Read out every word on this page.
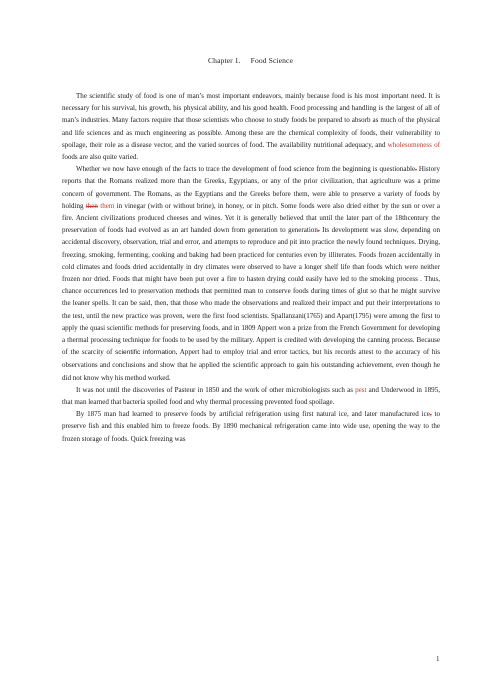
Chapter 1. Food Science

The scientific study of food is one of man’s most important endeavors, mainly because food is his most important need. It is necessary for his survival, his growth, his physical ability, and his good health. Food processing and handling is the largest of all of man’s industries. Many factors require that those scientists who choose to study foods be prepared to absorb as much of the physical and life sciences and as much engineering as possible. Among these are the chemical complexity of foods, their vulnerability to spoilage, their role as a disease vector, and the varied sources of food. The availability nutritional adequacy, and wholesomeness of foods are also quite varied.

Whether we now have enough of the facts to trace the development of food science from the beginning is questionable. History reports that the Romans realized more than the Greeks, Egyptians, or any of the prior civilization, that agriculture was a prime concern of government. The Romans, as the Egyptians and the Greeks before them, were able to preserve a variety of foods by holding then them in vinegar (with or without brine), in honey, or in pitch. Some foods were also dried either by the sun or over a fire. Ancient civilizations produced cheeses and wines. Yet it is generally believed that until the later part of the 18thcentury the preservation of foods had evolved as an art handed down from generation to generation. Its development was slow, depending on accidental discovery, observation, trial and error, and attempts to reproduce and pit into practice the newly found techniques. Drying, freezing, smoking, fermenting, cooking and baking had been practiced for centuries even by illiterates. Foods frozen accidentally in cold climates and foods dried accidentally in dry climates were observed to have a longer shelf life than foods which were neither frozen nor dried. Foods that might have been put over a fire to hasten drying could easily have led to the smoking process . Thus, chance occurrences led to preservation methods that permitted man to conserve foods during times of glut so that he might survive the leaner spells. It can be said, then, that those who made the observations and realized their impact and put their interpretations to the test, until the new practice was proven, were the first food scientists. Spallanzani(1765) and Apart(1795) were among the first to apply the quasi scientific methods for preserving foods, and in 1809 Appert won a prize from the French Government for developing a thermal processing technique for foods to be used by the military. Appert is credited with developing the canning process. Because of the scarcity of scientific information, Appert had to employ trial and error tactics, but his records attest to the accuracy of his observations and conclusions and show that he applied the scientific approach to gain his outstanding achievement, even though he did not know why his method worked.

It was not until the discoveries of Pasteur in 1850 and the work of other microbiologists such as pest and Underwood in 1895, that man learned that bacteria spoiled food and why thermal processing prevented food spoilage.

By 1875 man had learned to preserve foods by artificial refrigeration using first natural ice, and later manufactured ice, to preserve fish and this enabled him to freeze foods. By 1890 mechanical refrigeration came into wide use, opening the way to the frozen storage of foods. Quick freezing was

1
